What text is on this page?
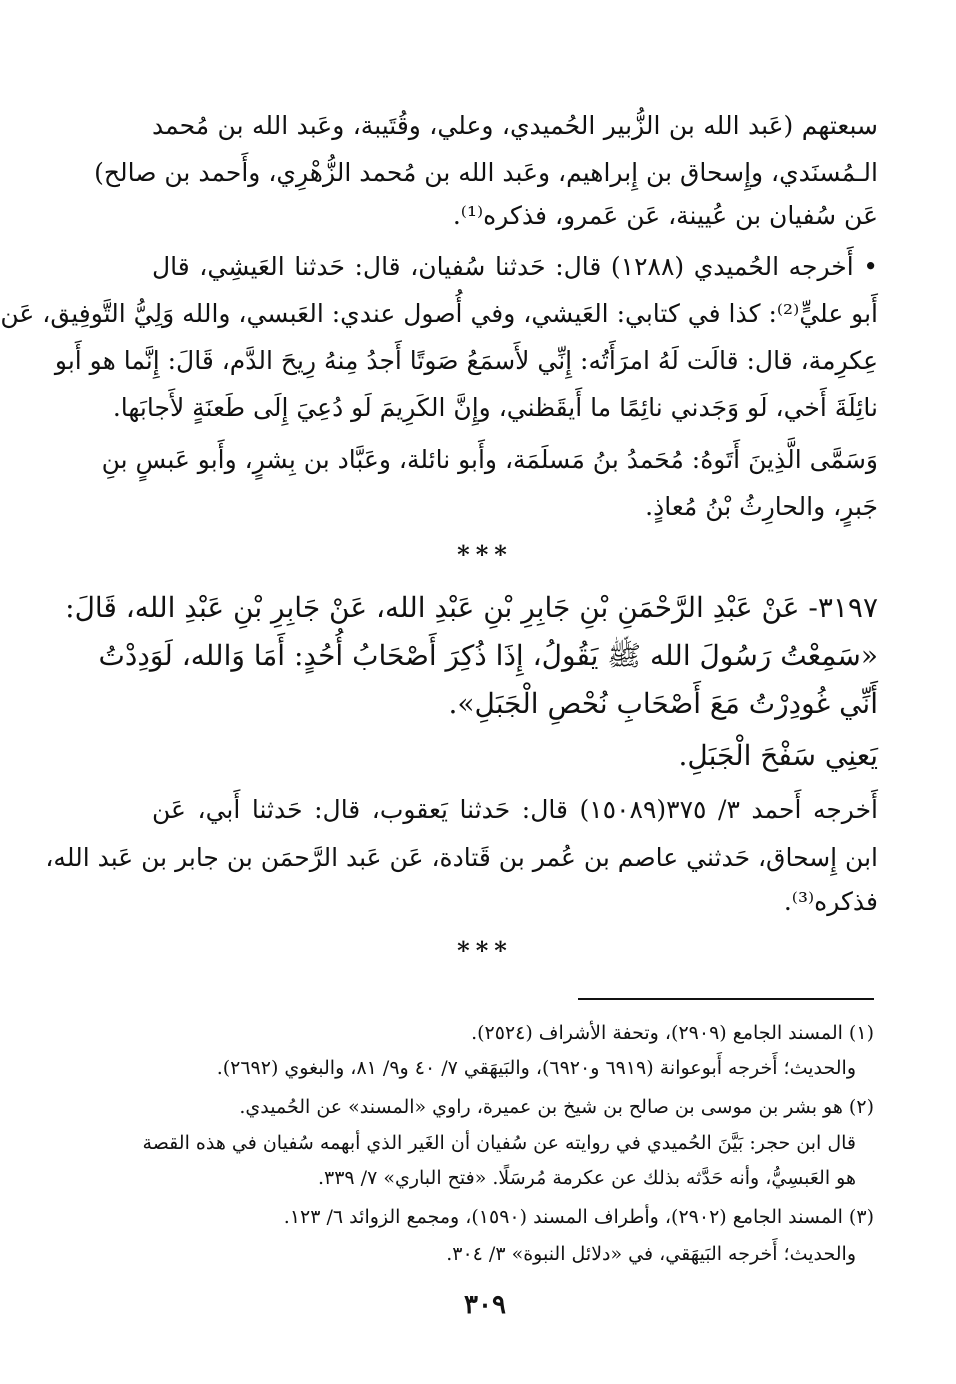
سبعتهم (عَبد الله بن الزُّبير الحُميدي، وعلي، وقُتَيبة، وعَبد الله بن مُحمد
الـمُسنَدي، وإِسحاق بن إِبراهيم، وعَبد الله بن مُحمد الزُّهْرِي، وأَحمد بن صالح)
عَن سُفيان بن عُيينة، عَن عَمرو، فذكره⁽¹⁾.
• أَخرجه الحُميدي (١٢٨٨) قال: حَدثنا سُفيان، قال: حَدثنا العَيشِي، قال
أَبو عليٍّ⁽²⁾: كذا في كتابي: العَيشي، وفي أُصول عندي: العَبسي، والله وَلِيُّ التَّوفِيق، عَن
عِكرِمة، قال: قالَت لَهُ امرَأَتُه: إِنِّي لأَسمَعُ صَوتًا أَجدُ مِنهُ رِيحَ الدَّم، قَالَ: إِنَّما هو أَبو
نائِلَةَ أَخي، لَو وَجَدني نائِمًا ما أَيقَظني، وإِنَّ الكَرِيمَ لَو دُعِيَ إِلَى طَعنَةٍ لأَجابَها.
وَسَمَّى الَّذِينَ أَتَوهُ: مُحَمدُ بنُ مَسلَمَة، وأَبو نائلة، وعَبَّاد بن بِشرٍ، وأَبو عَبسٍ بنِ
جَبرٍ، والحارِثُ بْنُ مُعاذٍ.
***
٣١٩٧- عَنْ عَبْدِ الرَّحْمَنِ بْنِ جَابِرِ بْنِ عَبْدِ الله، عَنْ جَابِرِ بْنِ عَبْدِ الله، قَالَ:
«سَمِعْتُ رَسُولَ الله ﷺ يَقُولُ، إِذَا ذُكِرَ أَصْحَابُ أُحُدٍ: أَمَا وَالله، لَوَدِدْتُ
أَنِّي غُودِرْتُ مَعَ أَصْحَابِ نُحْصِ الْجَبَلِ».
يَعنِي سَفْحَ الْجَبَلِ.
أَخرجه أَحمد ٣/ ٣٧٥(١٥٠٨٩) قال: حَدثنا يَعقوب، قال: حَدثنا أَبي، عَن
ابن إِسحاق، حَدثني عاصم بن عُمر بن قَتادة، عَن عَبد الرَّحمَن بن جابر بن عَبد الله،
فذكره⁽³⁾.
***
(١) المسند الجامع (٢٩٠٩)، وتحفة الأشراف (٢٥٢٤).
والحديث؛ أَخرجه أَبوعوانة (٦٩١٩ و٦٩٢٠)، والبَيهَقي ٧/ ٤٠ و٩/ ٨١، والبغوي (٢٦٩٢).
(٢) هو بشر بن موسى بن صالح بن شيخ بن عميرة، راوي «المسند» عن الحُميدي.
قال ابن حجر: بَيَّنَ الحُميدي في روايته عن سُفيان أن الغَير الذي أبهمه سُفيان في هذه القصة
هو العَبسِيُّ، وأنه حَدَّثه بذلك عن عكرمة مُرسَلًا. «فتح الباري» ٧/ ٣٣٩.
(٣) المسند الجامع (٢٩٠٢)، وأطراف المسند (١٥٩٠)، ومجمع الزوائد ٦/ ١٢٣.
والحديث؛ أَخرجه البَيهَقي، في «دلائل النبوة» ٣/ ٣٠٤.
٣٠٩
